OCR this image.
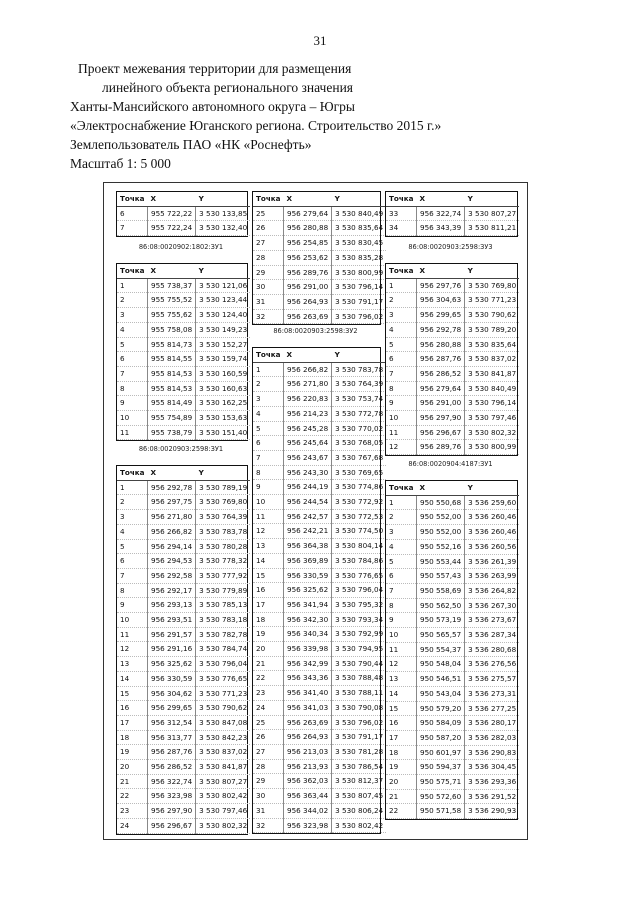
31
Проект межевания территории для размещения
линейного объекта регионального значения
Ханты-Мансийского автономного округа – Югры
«Электроснабжение Юганского региона. Строительство 2015 г.»
Землепользователь ПАО «НК «Роснефть»
Масштаб 1: 5 000
Точка	X	Y
6	955 722,22	3 530 133,85
7	955 722,24	3 530 132,40
86:08:0020902:1802:ЗУ1
Точка	X	Y
1	955 738,37	3 530 121,06
2	955 755,52	3 530 123,44
3	955 755,62	3 530 124,40
4	955 758,08	3 530 149,23
5	955 814,73	3 530 152,27
6	955 814,55	3 530 159,74
7	955 814,53	3 530 160,59
8	955 814,53	3 530 160,63
9	955 814,49	3 530 162,25
10	955 754,89	3 530 153,63
11	955 738,79	3 530 151,40
86:08:0020903:2598:ЗУ1
Точка	X	Y
1	956 292,78	3 530 789,19
2	956 297,75	3 530 769,80
3	956 271,80	3 530 764,39
4	956 266,82	3 530 783,78
5	956 294,14	3 530 780,28
6	956 294,53	3 530 778,32
7	956 292,58	3 530 777,92
8	956 292,17	3 530 779,89
9	956 293,13	3 530 785,13
10	956 293,51	3 530 783,18
11	956 291,57	3 530 782,78
12	956 291,16	3 530 784,74
13	956 325,62	3 530 796,04
14	956 330,59	3 530 776,65
15	956 304,62	3 530 771,23
16	956 299,65	3 530 790,62
17	956 312,54	3 530 847,08
18	956 313,77	3 530 842,23
19	956 287,76	3 530 837,02
20	956 286,52	3 530 841,87
21	956 322,74	3 530 807,27
22	956 323,98	3 530 802,42
23	956 297,90	3 530 797,46
24	956 296,67	3 530 802,32
Точка	X	Y
25	956 279,64	3 530 840,49
26	956 280,88	3 530 835,64
27	956 254,85	3 530 830,45
28	956 253,62	3 530 835,28
29	956 289,76	3 530 800,99
30	956 291,00	3 530 796,14
31	956 264,93	3 530 791,17
32	956 263,69	3 530 796,02
86:08:0020903:2598:ЗУ2
Точка	X	Y
1	956 266,82	3 530 783,78
2	956 271,80	3 530 764,39
3	956 220,83	3 530 753,74
4	956 214,23	3 530 772,78
5	956 245,28	3 530 770,02
6	956 245,64	3 530 768,05
7	956 243,67	3 530 767,68
8	956 243,30	3 530 769,65
9	956 244,19	3 530 774,86
10	956 244,54	3 530 772,92
11	956 242,57	3 530 772,53
12	956 242,21	3 530 774,50
13	956 364,38	3 530 804,14
14	956 369,89	3 530 784,86
15	956 330,59	3 530 776,65
16	956 325,62	3 530 796,04
17	956 341,94	3 530 795,32
18	956 342,30	3 530 793,34
19	956 340,34	3 530 792,99
20	956 339,98	3 530 794,95
21	956 342,99	3 530 790,44
22	956 343,36	3 530 788,48
23	956 341,40	3 530 788,11
24	956 341,03	3 530 790,08
25	956 263,69	3 530 796,02
26	956 264,93	3 530 791,17
27	956 213,03	3 530 781,28
28	956 213,93	3 530 786,54
29	956 362,03	3 530 812,37
30	956 363,44	3 530 807,45
31	956 344,02	3 530 806,24
32	956 323,98	3 530 802,42
Точка	X	Y
33	956 322,74	3 530 807,27
34	956 343,39	3 530 811,21
86:08:0020903:2598:ЗУ3
Точка	X	Y
1	956 297,76	3 530 769,80
2	956 304,63	3 530 771,23
3	956 299,65	3 530 790,62
4	956 292,78	3 530 789,20
5	956 280,88	3 530 835,64
6	956 287,76	3 530 837,02
7	956 286,52	3 530 841,87
8	956 279,64	3 530 840,49
9	956 291,00	3 530 796,14
10	956 297,90	3 530 797,46
11	956 296,67	3 530 802,32
12	956 289,76	3 530 800,99
86:08:0020904:4187:ЗУ1
Точка	X	Y
1	950 550,68	3 536 259,60
2	950 552,00	3 536 260,46
3	950 552,00	3 536 260,46
4	950 552,16	3 536 260,56
5	950 553,44	3 536 261,39
6	950 557,43	3 536 263,99
7	950 558,69	3 536 264,82
8	950 562,50	3 536 267,30
9	950 573,19	3 536 273,67
10	950 565,57	3 536 287,34
11	950 554,37	3 536 280,68
12	950 548,04	3 536 276,56
13	950 546,51	3 536 275,57
14	950 543,04	3 536 273,31
15	950 579,20	3 536 277,25
16	950 584,09	3 536 280,17
17	950 587,20	3 536 282,03
18	950 601,97	3 536 290,83
19	950 594,37	3 536 304,45
20	950 575,71	3 536 293,36
21	950 572,60	3 536 291,52
22	950 571,58	3 536 290,93
